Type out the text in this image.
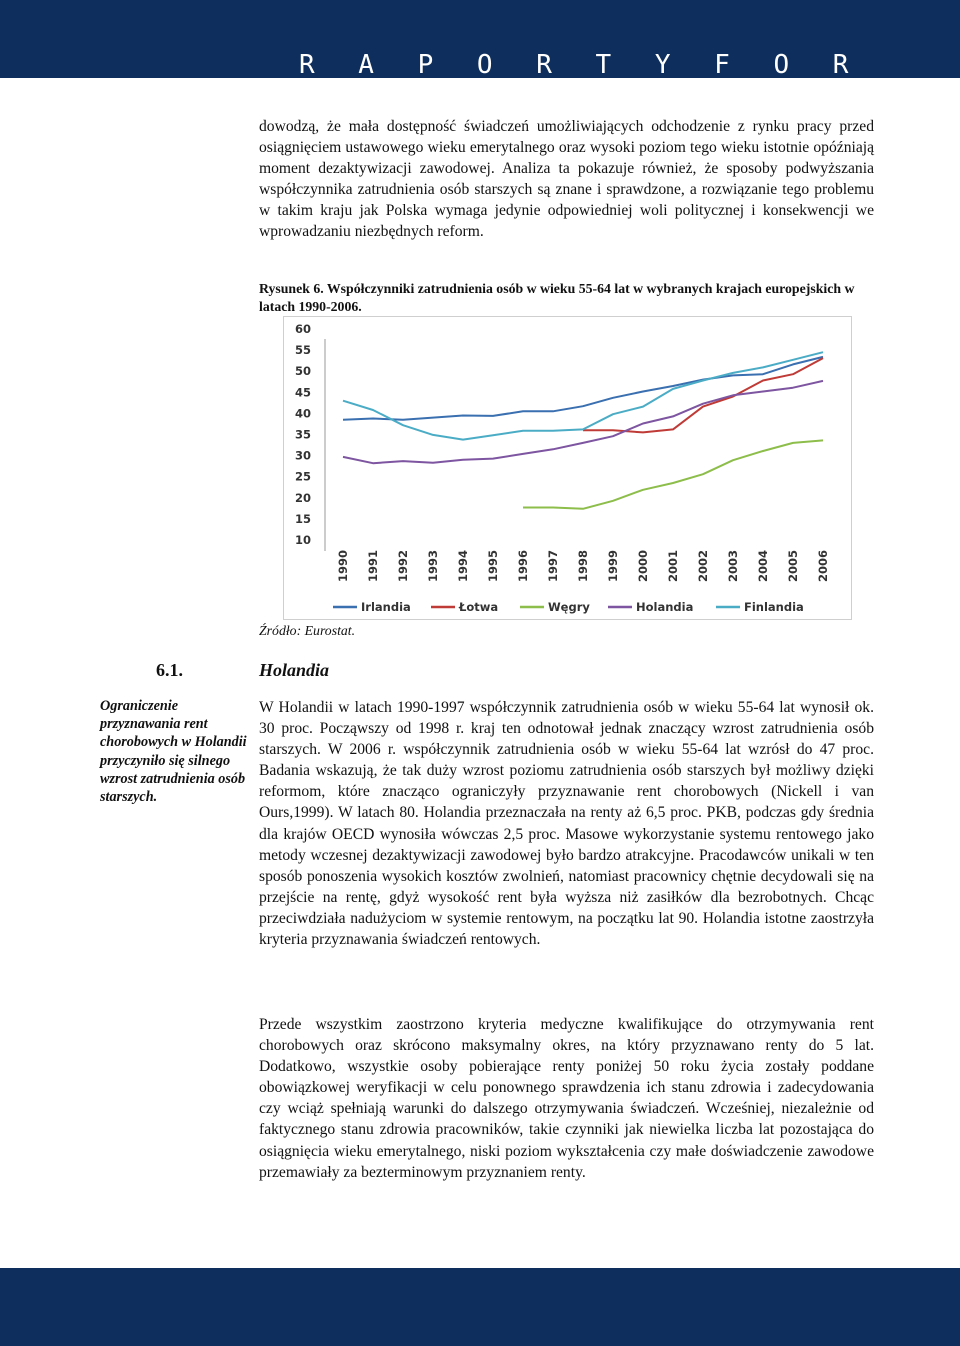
R A P O R T Y F O R

dowodzą, że mała dostępność świadczeń umożliwiających odchodzenie z rynku pracy przed osiągnięciem ustawowego wieku emerytalnego oraz wysoki poziom tego wieku istotnie opóźniają moment dezaktywizacji zawodowej. Analiza ta pokazuje również, że sposoby podwyższania współczynnika zatrudnienia osób starszych są znane i sprawdzone, a rozwiązanie tego problemu w takim kraju jak Polska wymaga jedynie odpowiedniej woli politycznej i konsekwencji we wprowadzaniu niezbędnych reform.

Rysunek 6. Współczynniki zatrudnienia osób w wieku 55-64 lat w wybranych krajach europejskich w latach 1990-2006.
10
15
20
25
30
35
40
45
50
55
60
1990 1991 1992 1993 1994 1995 1996 1997 1998 1999 2000 2001 2002 2003 2004 2005 2006
Irlandia	Łotwa	Węgry	Holandia	Finlandia
Źródło: Eurostat.
6.1.	Holandia
Ograniczenie przyznawania rent chorobowych w Holandii przyczyniło się silnego wzrost zatrudnienia osób starszych.

W Holandii w latach 1990-1997 współczynnik zatrudnienia osób w wieku 55-64 lat wynosił ok. 30 proc. Począwszy od 1998 r. kraj ten odnotował jednak znaczący wzrost zatrudnienia osób starszych. W 2006 r. współczynnik zatrudnienia osób w wieku 55-64 lat wzrósł do 47 proc. Badania wskazują, że tak duży wzrost poziomu zatrudnienia osób starszych był możliwy dzięki reformom, które znacząco ograniczyły przyznawanie rent chorobowych (Nickell i van Ours,1999). W latach 80. Holandia przeznaczała na renty aż 6,5 proc. PKB, podczas gdy średnia dla krajów OECD wynosiła wówczas 2,5 proc. Masowe wykorzystanie systemu rentowego jako metody wczesnej dezaktywizacji zawodowej było bardzo atrakcyjne. Pracodawców unikali w ten sposób ponoszenia wysokich kosztów zwolnień, natomiast pracownicy chętnie decydowali się na przejście na rentę, gdyż wysokość rent była wyższa niż zasiłków dla bezrobotnych. Chcąc przeciwdziała nadużyciom w systemie rentowym, na początku lat 90. Holandia istotne zaostrzyła kryteria przyznawania świadczeń rentowych.

Przede wszystkim zaostrzono kryteria medyczne kwalifikujące do otrzymywania rent chorobowych oraz skrócono maksymalny okres, na który przyznawano renty do 5 lat. Dodatkowo, wszystkie osoby pobierające renty poniżej 50 roku życia zostały poddane obowiązkowej weryfikacji w celu ponownego sprawdzenia ich stanu zdrowia i zadecydowania czy wciąż spełniają warunki do dalszego otrzymywania świadczeń. Wcześniej, niezależnie od faktycznego stanu zdrowia pracowników, takie czynniki jak niewielka liczba lat pozostająca do osiągnięcia wieku emerytalnego, niski poziom wykształcenia czy małe doświadczenie zawodowe przemawiały za bezterminowym przyznaniem renty.
